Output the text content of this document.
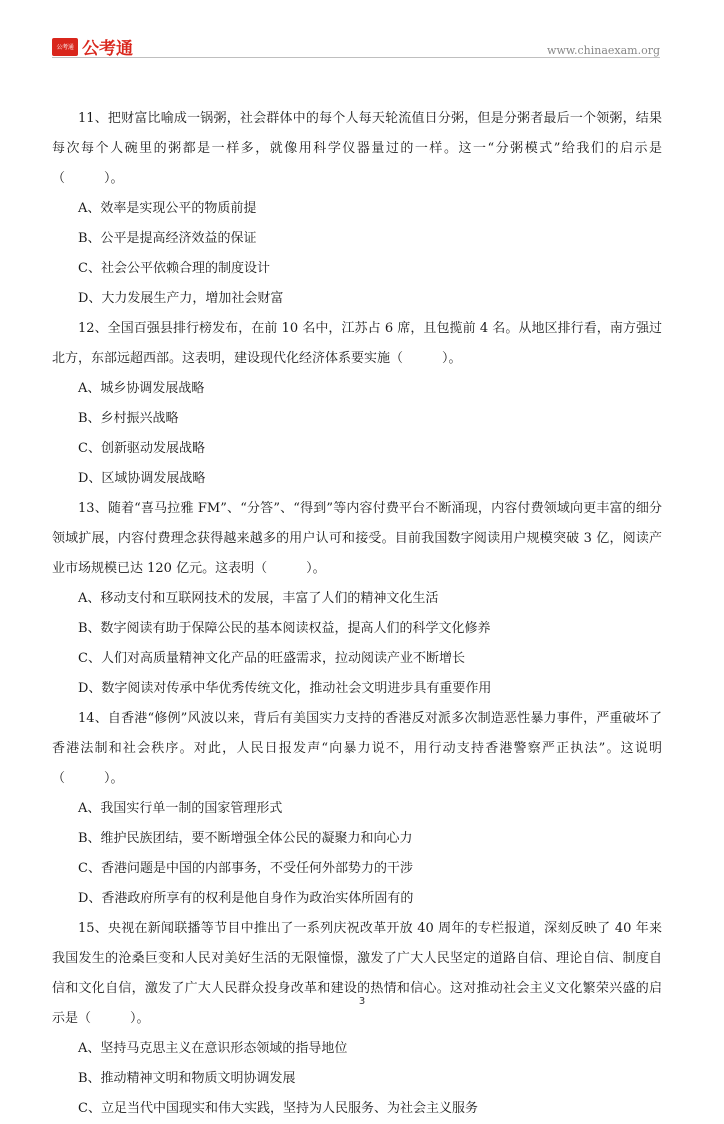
公考通 公考通	www.chinaexam.org

11、把财富比喻成一锅粥，社会群体中的每个人每天轮流值日分粥，但是分粥者最后一个领粥，结果每次每个人碗里的粥都是一样多，就像用科学仪器量过的一样。这一“分粥模式”给我们的启示是（　　　）。

A、效率是实现公平的物质前提

B、公平是提高经济效益的保证

C、社会公平依赖合理的制度设计

D、大力发展生产力，增加社会财富

12、全国百强县排行榜发布，在前 10 名中，江苏占 6 席，且包揽前 4 名。从地区排行看，南方强过北方，东部远超西部。这表明，建设现代化经济体系要实施（　　　）。

A、城乡协调发展战略

B、乡村振兴战略

C、创新驱动发展战略

D、区域协调发展战略

13、随着“喜马拉雅 FM”、“分答”、“得到”等内容付费平台不断涌现，内容付费领域向更丰富的细分领域扩展，内容付费理念获得越来越多的用户认可和接受。目前我国数字阅读用户规模突破 3 亿，阅读产业市场规模已达 120 亿元。这表明（　　　）。

A、移动支付和互联网技术的发展，丰富了人们的精神文化生活

B、数字阅读有助于保障公民的基本阅读权益，提高人们的科学文化修养

C、人们对高质量精神文化产品的旺盛需求，拉动阅读产业不断增长

D、数字阅读对传承中华优秀传统文化，推动社会文明进步具有重要作用

14、自香港“修例”风波以来，背后有美国实力支持的香港反对派多次制造恶性暴力事件，严重破坏了香港法制和社会秩序。对此，人民日报发声“向暴力说不，用行动支持香港警察严正执法”。这说明（　　　）。

A、我国实行单一制的国家管理形式

B、维护民族团结，要不断增强全体公民的凝聚力和向心力

C、香港问题是中国的内部事务，不受任何外部势力的干涉

D、香港政府所享有的权利是他自身作为政治实体所固有的

15、央视在新闻联播等节目中推出了一系列庆祝改革开放 40 周年的专栏报道，深刻反映了 40 年来我国发生的沧桑巨变和人民对美好生活的无限憧憬，激发了广大人民坚定的道路自信、理论自信、制度自信和文化自信，激发了广大人民群众投身改革和建设的热情和信心。这对推动社会主义文化繁荣兴盛的启示是（　　　）。

A、坚持马克思主义在意识形态领域的指导地位

B、推动精神文明和物质文明协调发展

C、立足当代中国现实和伟大实践，坚持为人民服务、为社会主义服务

3
